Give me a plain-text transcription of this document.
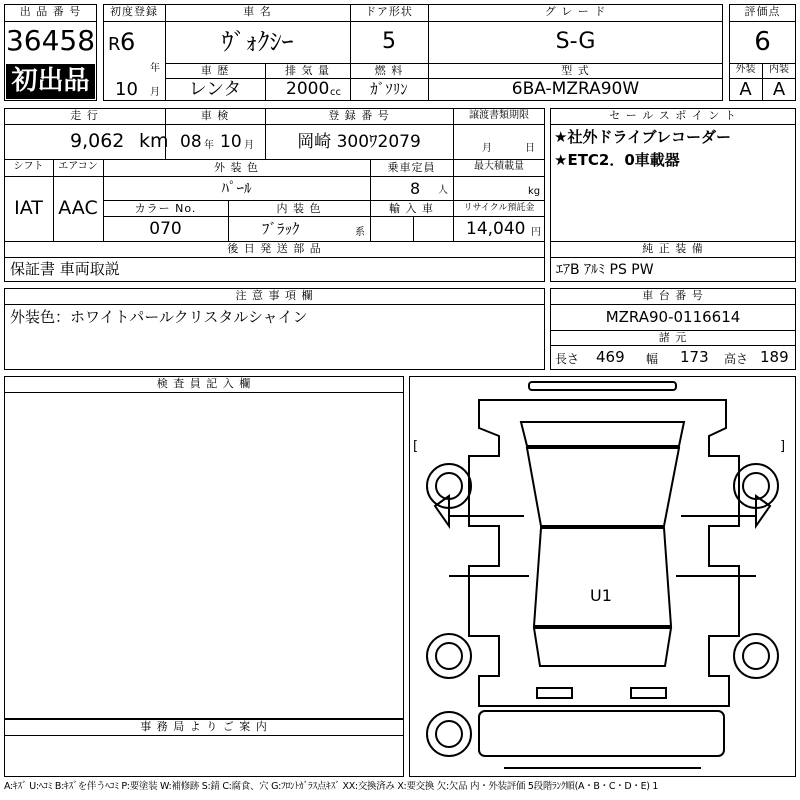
出 品 番 号
36458
初出品
初度登録
R 6
年
10 月
車 名
ｳﾞｫｸｼｰ
ドア形状
5
グ レ ー ド
S-G
車 歴
レンタ
排 気 量
2000 cc
燃 料
ｶﾞｿﾘﾝ
型 式
6BA-MZRA90W
評価点
6
外装	内装
A	A
走 行
9,062 km
車 検
08 年 10 月
登 録 番 号
岡崎 300ﾜ2079
譲渡書類期限
月	日
シフト	エアコン
IAT AAC
外 装 色
ﾊﾟｰﾙ
乗車定員
8 人
最大積載量
kg
カラー No.
070
内 装 色
ﾌﾞﾗｯｸ	系
輸 入 車	リサイクル預託金
14,040 円
セ ー ル ス ポ イ ン ト
★社外ドライブレコーダー
★ETC2．0車載器
後 日 発 送 部 品
保証書 車両取説
純 正 装 備
ｴｱB ｱﾙﾐ PS PW
注 意 事 項 欄
外装色：ホワイトパールクリスタルシャイン
車 台 番 号
MZRA90-0116614
諸 元
長さ 469 幅 173 高さ 189
検 査 員 記 入 欄
事 務 局 よ り ご 案 内
[	]
U1
A:ｷｽﾞ U:ﾍｺﾐ B:ｷｽﾞを伴うﾍｺﾐ P:要塗装 W:補修跡 S:錆 C:腐食、穴 G:ﾌﾛﾝﾄｶﾞﾗｽ点ｷｽﾞ XX:交換済み X:要交換 欠:欠品 内・外装評価 5段階ﾗﾝｸ順(A・B・C・D・E) 1
